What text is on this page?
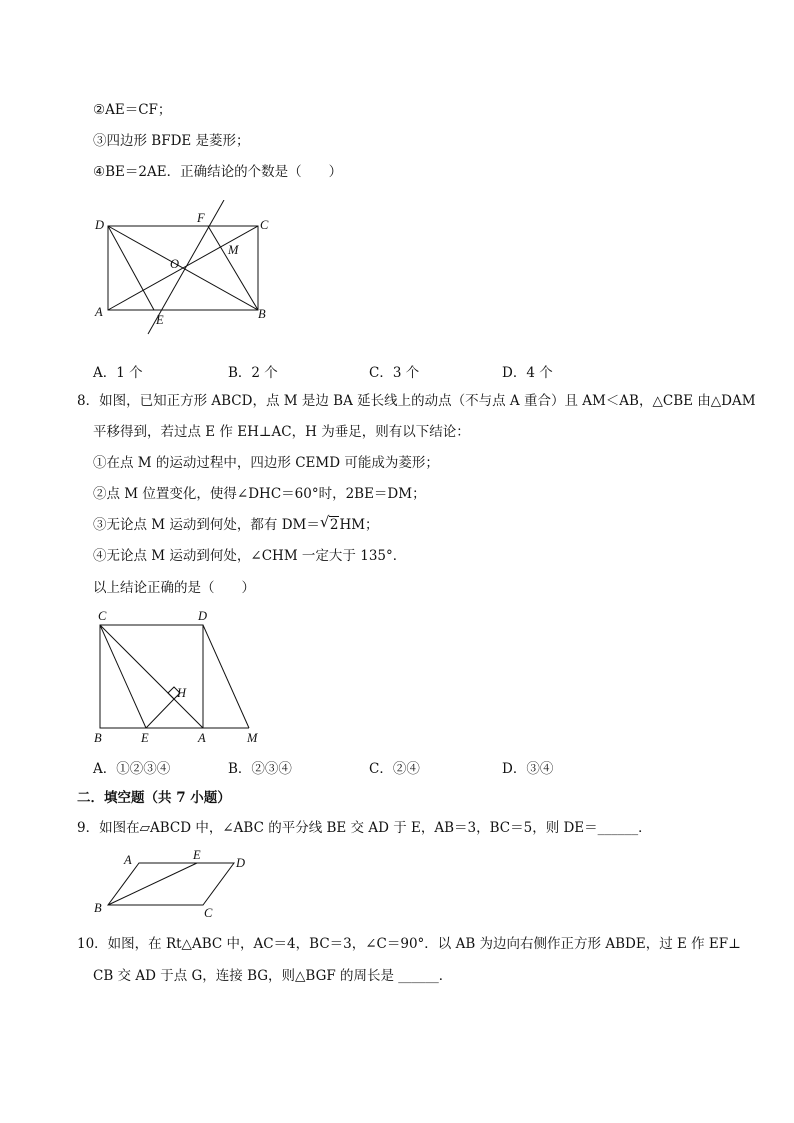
②AE＝CF；
③四边形 BFDE 是菱形；
④BE＝2AE．正确结论的个数是（　　）
D	F	C
M
O
A
E	B
A．1 个	B．2 个	C．3 个	D．4 个
8．如图，已知正方形 ABCD，点 M 是边 BA 延长线上的动点（不与点 A 重合）且 AM＜AB，△CBE 由△DAM
平移得到，若过点 E 作 EH⊥AC，H 为垂足，则有以下结论：
①在点 M 的运动过程中，四边形 CEMD 可能成为菱形；
②点 M 位置变化，使得∠DHC＝60°时，2BE＝DM；
③无论点 M 运动到何处，都有 DM＝ √ 2HM；
④无论点 M 运动到何处，∠CHM 一定大于 135°．
以上结论正确的是（　　）
C	D
H
B	E	A	M
A．①②③④	B．②③④	C．②④	D．③④
二．填空题（共 7 小题）
9．如图在▱ABCD 中，∠ABC 的平分线 BE 交 AD 于 E，AB＝3，BC＝5，则 DE＝______．
A	E
D
B	C
10．如图，在 Rt△ABC 中，AC＝4，BC＝3，∠C＝90°．以 AB 为边向右侧作正方形 ABDE，过 E 作 EF⊥
CB 交 AD 于点 G，连接 BG，则△BGF 的周长是 ______．
